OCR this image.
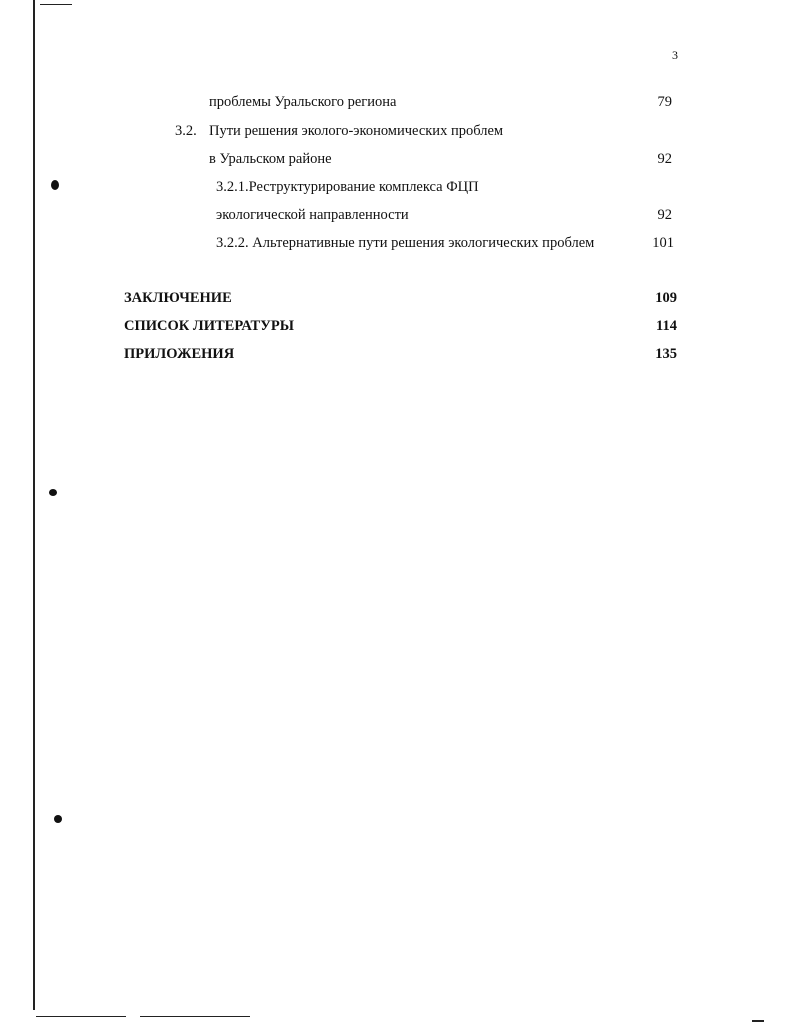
3
проблемы Уральского региона	79
3.2. Пути решения эколого-экономических проблем
в Уральском районе	92
3.2.1.Реструктурирование комплекса ФЦП
экологической направленности	92
3.2.2. Альтернативные пути решения экологических проблем	101
ЗАКЛЮЧЕНИЕ	109
СПИСОК ЛИТЕРАТУРЫ	114
ПРИЛОЖЕНИЯ	135
